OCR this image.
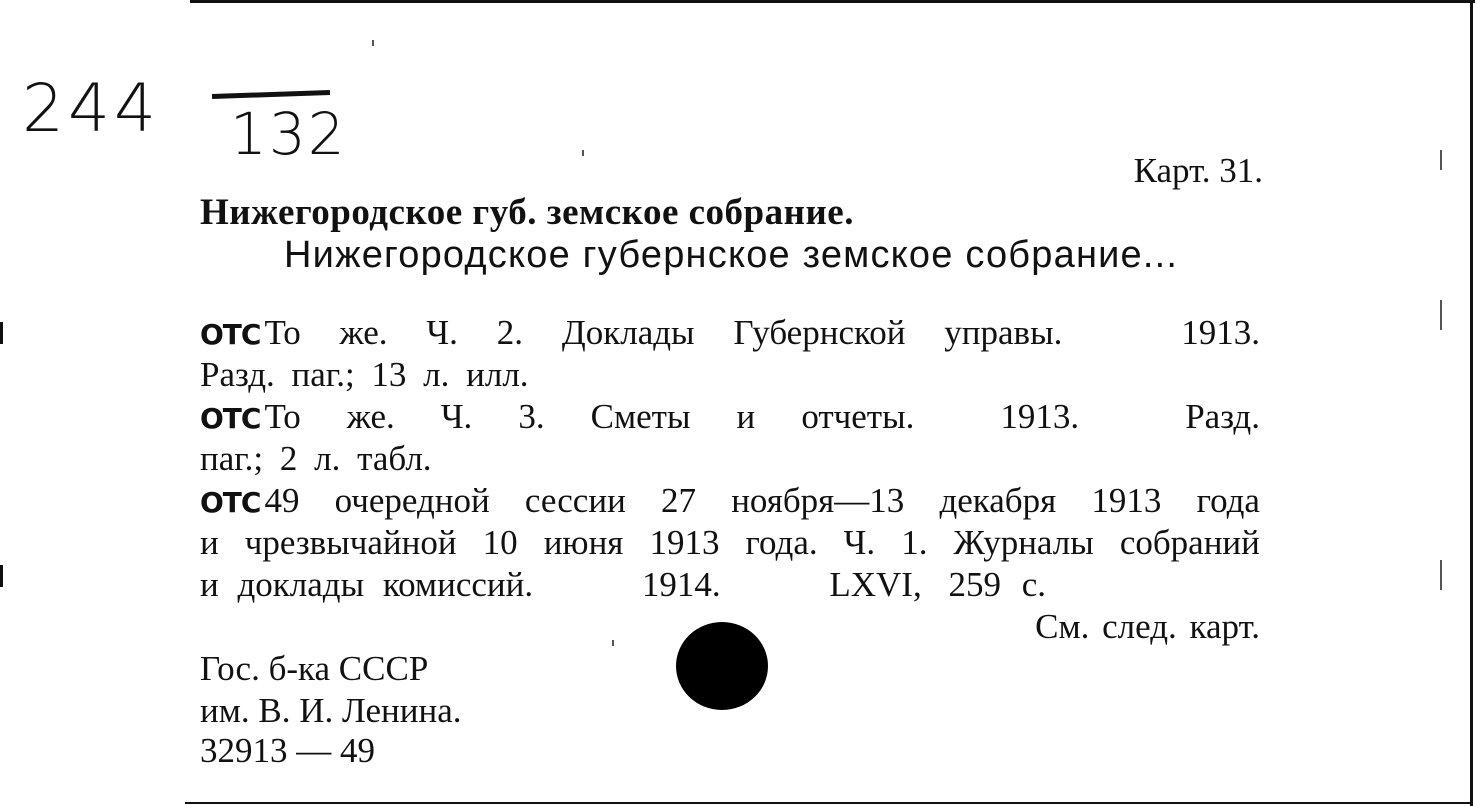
244 132
Карт. 31.
Нижегородское губ. земское собрание.
Нижегородское губернское земское собрание...
ОТС То же. Ч. 2. Доклады Губернской управы.	1913.
Разд. паг.; 13 л. илл.
ОТС То же. Ч. 3. Сметы и отчеты. 1913.	Разд.
паг.; 2 л. табл.
ОТС 49 очередной сессии 27 ноября—13 декабря 1913 года
и чрезвычайной 10 июня 1913 года. Ч. 1. Журналы собраний
и доклады комиссий.	1914.	LXVI, 259 с.
См. след. карт.
Гос. б-ка СССР
им. В. И. Ленина.
32913 — 49
